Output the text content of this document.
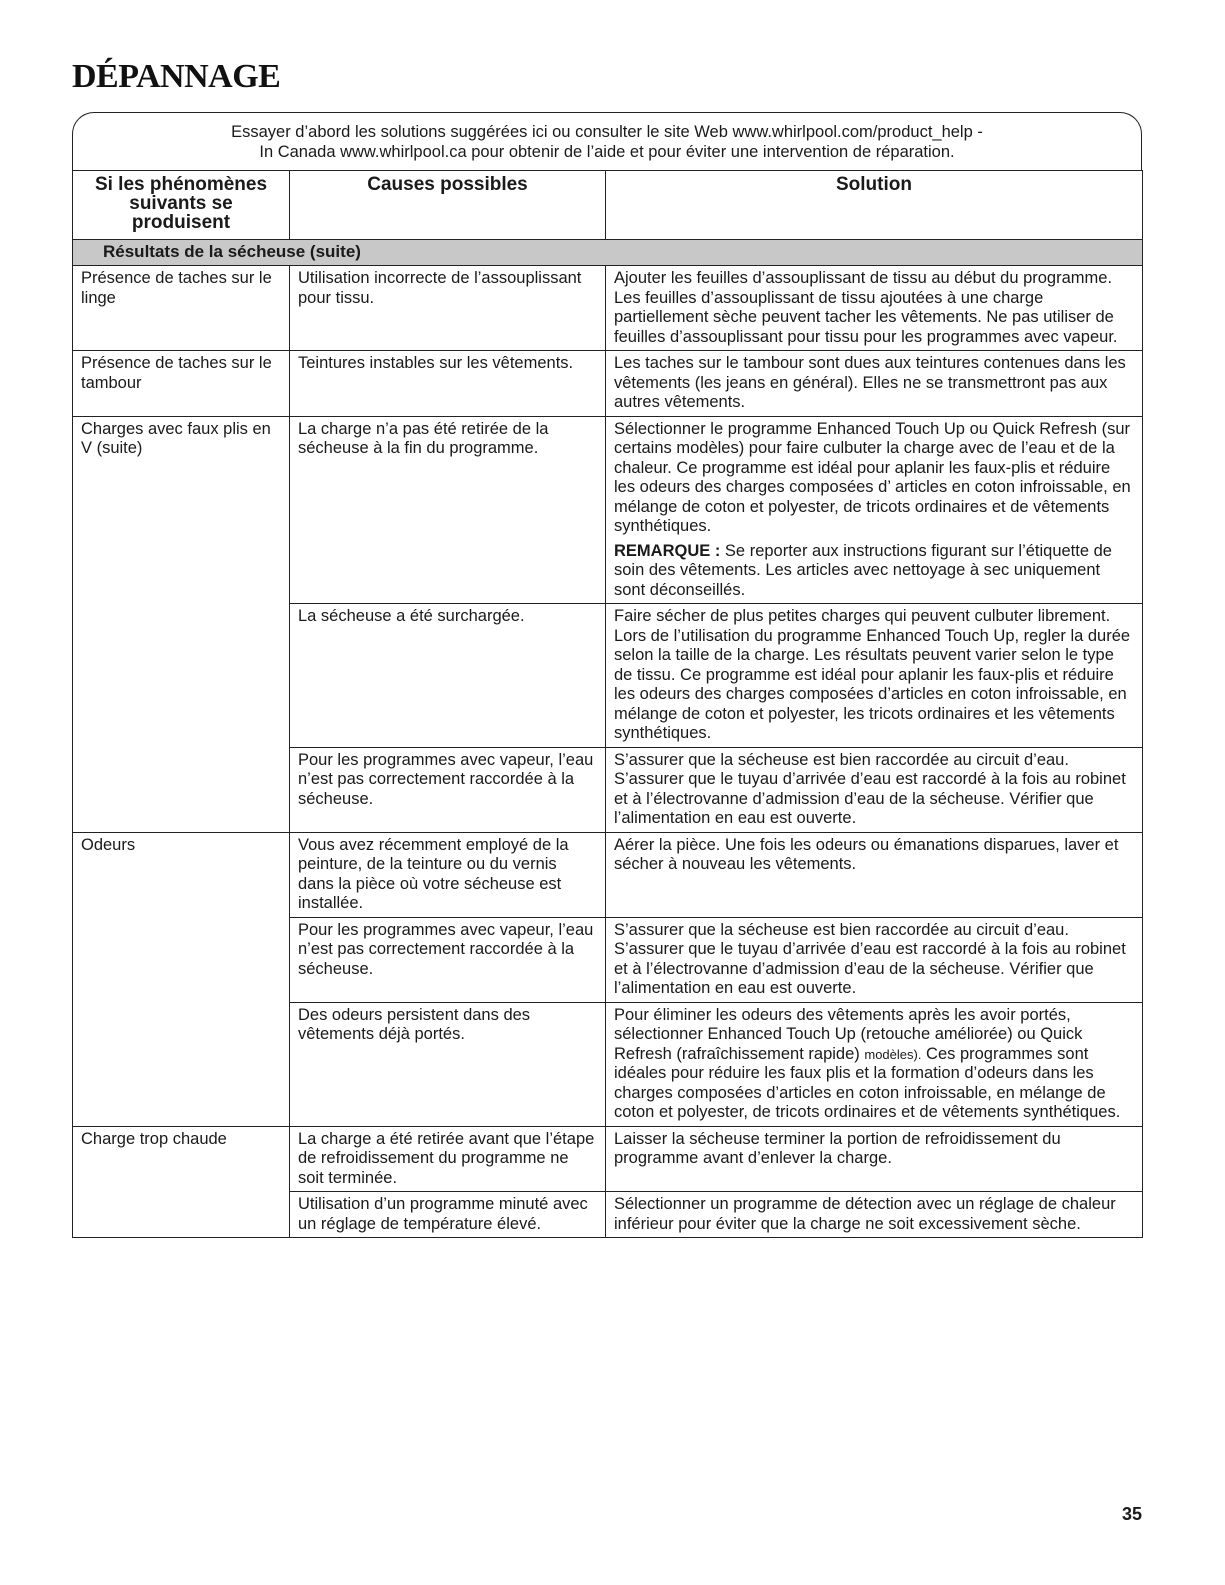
DÉPANNAGE
Essayer d’abord les solutions suggérées ici ou consulter le site Web www.whirlpool.com/product_help -
In Canada www.whirlpool.ca pour obtenir de l’aide et pour éviter une intervention de réparation.
Si les phénomènes suivants se produisent	Causes possibles	Solution
Résultats de la sécheuse (suite)		
Présence de taches sur le linge	Utilisation incorrecte de l’assouplissant pour tissu.	Ajouter les feuilles d’assouplissant de tissu au début du programme. Les feuilles d’assouplissant de tissu ajoutées à une charge partiellement sèche peuvent tacher les vêtements. Ne pas utiliser de feuilles d’assouplissant pour tissu pour les programmes avec vapeur.
Présence de taches sur le tambour	Teintures instables sur les vêtements.	Les taches sur le tambour sont dues aux teintures contenues dans les vêtements (les jeans en général). Elles ne se transmettront pas aux autres vêtements.
Charges avec faux plis en V (suite)	La charge n’a pas été retirée de la sécheuse à la fin du programme.	Sélectionner le programme Enhanced Touch Up ou Quick Refresh (sur certains modèles) pour faire culbuter la charge avec de l’eau et de la chaleur. Ce programme est idéal pour aplanir les faux-plis et réduire les odeurs des charges composées d’ articles en coton infroissable, en mélange de coton et polyester, de tricots ordinaires et de vêtements synthétiques.

REMARQUE : Se reporter aux instructions figurant sur l’étiquette de soin des vêtements. Les articles avec nettoyage à sec uniquement sont déconseillés.

	La sécheuse a été surchargée.	Faire sécher de plus petites charges qui peuvent culbuter librement. Lors de l’utilisation du programme Enhanced Touch Up, regler la durée selon la taille de la charge. Les résultats peuvent varier selon le type de tissu. Ce programme est idéal pour aplanir les faux-plis et réduire les odeurs des charges composées d’articles en coton infroissable, en mélange de coton et polyester, les tricots ordinaires et les vêtements synthétiques.
	Pour les programmes avec vapeur, l’eau n’est pas correctement raccordée à la sécheuse.	S’assurer que la sécheuse est bien raccordée au circuit d’eau. S’assurer que le tuyau d’arrivée d’eau est raccordé à la fois au robinet et à l’électrovanne d’admission d’eau de la sécheuse. Vérifier que l’alimentation en eau est ouverte.
Odeurs	Vous avez récemment employé de la peinture, de la teinture ou du vernis dans la pièce où votre sécheuse est installée.	Aérer la pièce. Une fois les odeurs ou émanations disparues, laver et sécher à nouveau les vêtements.
	Pour les programmes avec vapeur, l’eau n’est pas correctement raccordée à la sécheuse.	S’assurer que la sécheuse est bien raccordée au circuit d’eau. S’assurer que le tuyau d’arrivée d’eau est raccordé à la fois au robinet et à l’électrovanne d’admission d’eau de la sécheuse. Vérifier que l’alimentation en eau est ouverte.
	Des odeurs persistent dans des vêtements déjà portés.	Pour éliminer les odeurs des vêtements après les avoir portés, sélectionner Enhanced Touch Up (retouche améliorée) ou Quick Refresh (rafraîchissement rapide) modèles). Ces programmes sont idéales pour réduire les faux plis et la formation d’odeurs dans les charges composées d’articles en coton infroissable, en mélange de coton et polyester, de tricots ordinaires et de vêtements synthétiques.
Charge trop chaude	La charge a été retirée avant que l’étape de refroidissement du programme ne soit terminée.	Laisser la sécheuse terminer la portion de refroidissement du programme avant d’enlever la charge.
	Utilisation d’un programme minuté avec un réglage de température élevé.	Sélectionner un programme de détection avec un réglage de chaleur inférieur pour éviter que la charge ne soit excessivement sèche.
35
